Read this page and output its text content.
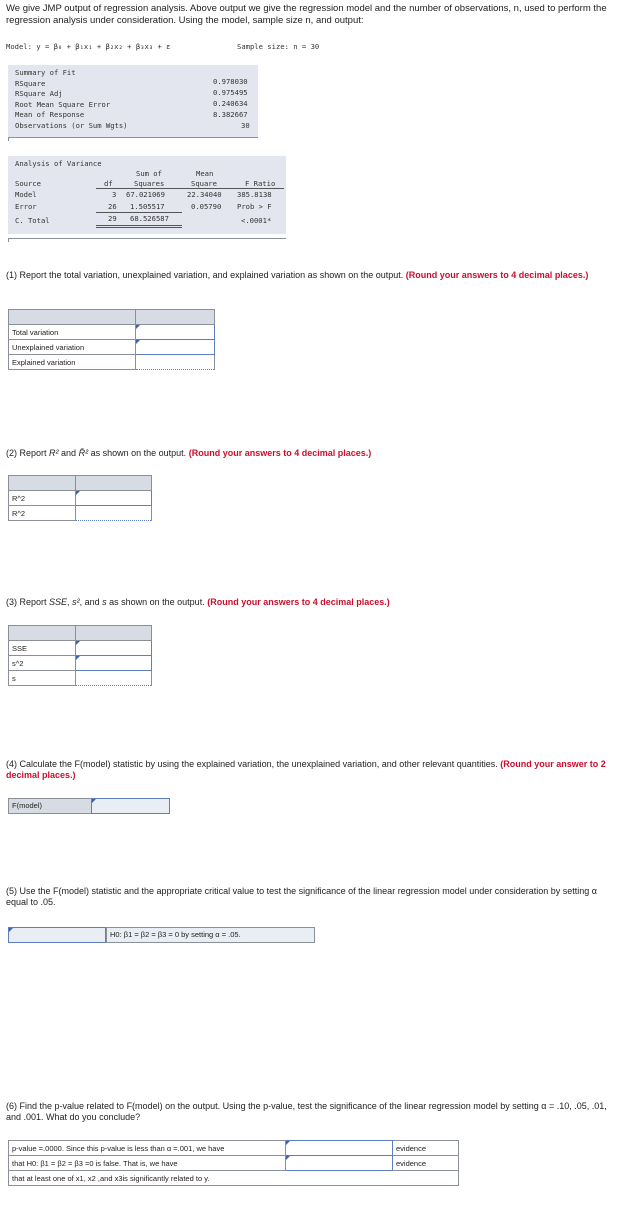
We give JMP output of regression analysis. Above output we give the regression model and the number of observations, n, used to perform the regression analysis under consideration. Using the model, sample size n, and output:
Model: y = β₀ + β₁x₁ + β₂x₂ + β₃x₃ + ε	Sample size: n = 30
Summary of Fit
RSquare	0.978030
RSquare Adj	0.975495
Root Mean Square Error	0.240634
Mean of Response	8.382667
Observations (or Sum Wgts)	30
Analysis of Variance
Sum of	Mean
Source	df	Squares	Square	F Ratio
Model	3 67.021069	22.34040 385.8138
Error	26 1.505517	0.05790 Prob > F
C. Total	29 68.526587	<.0001*
(1) Report the total variation, unexplained variation, and explained variation as shown on the output. (Round your answers to 4 decimal places.)

Total variation	
Unexplained variation	
Explained variation	
(2) Report R² and R̄² as shown on the output. (Round your answers to 4 decimal places.)

R^2	
R^2	
(3) Report SSE, s², and s as shown on the output. (Round your answers to 4 decimal places.)

SSE	
s^2	
s	
(4) Calculate the F(model) statistic by using the explained variation, the unexplained variation, and other relevant quantities. (Round your answer to 2 decimal places.)
F(model)
(5) Use the F(model) statistic and the appropriate critical value to test the significance of the linear regression model under consideration by setting α equal to .05.
H0: β1 = β2 = β3 = 0 by setting α = .05.
(6) Find the p-value related to F(model) on the output. Using the p-value, test the significance of the linear regression model by setting α = .10, .05, .01, and .001. What do you conclude?
p-value =.0000. Since this p-value is less than α =.001, we have		evidence
that H0: β1 = β2 = β3 =0 is false. That is, we have		evidence
that at least one of x1, x2 ,and x3is significantly related to y.		
